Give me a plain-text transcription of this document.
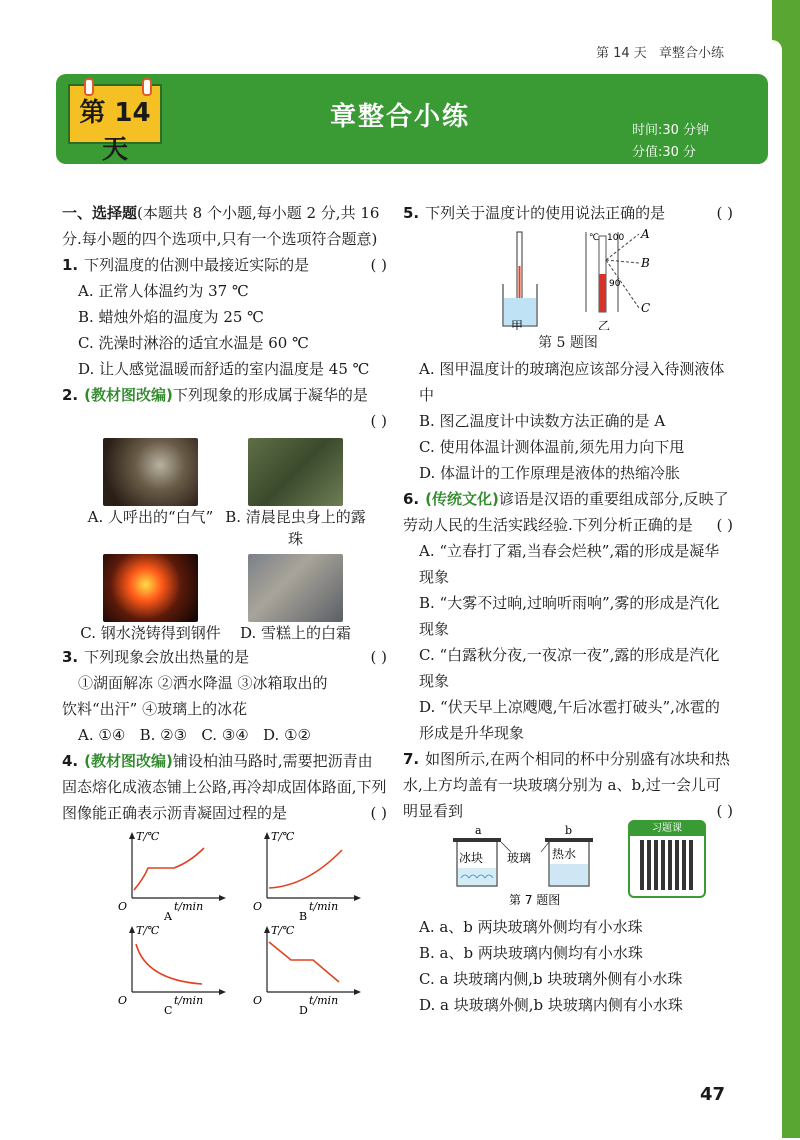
第 14 天 章整合小练
第 14 天
章整合小练	时间:30 分钟
分值:30 分

一、选择题(本题共 8 个小题,每小题 2 分,共 16 分.每小题的四个选项中,只有一个选项符合题意)

1. 下列温度的估测中最接近实际的是	( )

A. 正常人体温约为 37 ℃
B. 蜡烛外焰的温度为 25 ℃
C. 洗澡时淋浴的适宜水温是 60 ℃
D. 让人感觉温暖而舒适的室内温度是 45 ℃

2. (教材图改编)下列现象的形成属于凝华的是

( )
A. 人呼出的“白气” B. 清晨昆虫身上的露珠
C. 钢水浇铸得到钢件	D. 雪糕上的白霜

3. 下列现象会放出热量的是	( )

①湖面解冻 ②洒水降温 ③冰箱取出的
饮料“出汗” ④玻璃上的冰花
A. ①④ B. ②③ C. ③④ D. ①②

4. (教材图改编)铺设柏油马路时,需要把沥青由固态熔化成液态铺上公路,再冷却成固体路面,下列图像能正确表示沥青凝固过程的是	( )

T/℃
t/min
O
A
T/℃
t/min
O
B
T/℃
t/min
O
C
T/℃
t/min
O
D

5. 下列关于温度计的使用说法正确的是	( )

甲
℃ 100
90
A
B
C
乙
第 5 题图
A. 图甲温度计的玻璃泡应该部分浸入待测液体中
B. 图乙温度计中读数方法正确的是 A
C. 使用体温计测体温前,须先用力向下甩
D. 体温计的工作原理是液体的热缩冷胀

6. (传统文化)谚语是汉语的重要组成部分,反映了劳动人民的生活实践经验.下列分析正确的是 ( )

A. “立春打了霜,当春会烂秧”,霜的形成是凝华现象
B. “大雾不过晌,过晌听雨响”,雾的形成是汽化现象
C. “白露秋分夜,一夜凉一夜”,露的形成是汽化现象
D. “伏天早上凉飕飕,午后冰雹打破头”,冰雹的形成是升华现象

7. 如图所示,在两个相同的杯中分别盛有冰块和热水,上方均盖有一块玻璃分别为 a、b,过一会儿可明显看到	( )

a	b
冰块	热水
玻璃
第 7 题图
习题课
A. a、b 两块玻璃外侧均有小水珠
B. a、b 两块玻璃内侧均有小水珠
C. a 块玻璃内侧,b 块玻璃外侧有小水珠
D. a 块玻璃外侧,b 块玻璃内侧有小水珠
47
